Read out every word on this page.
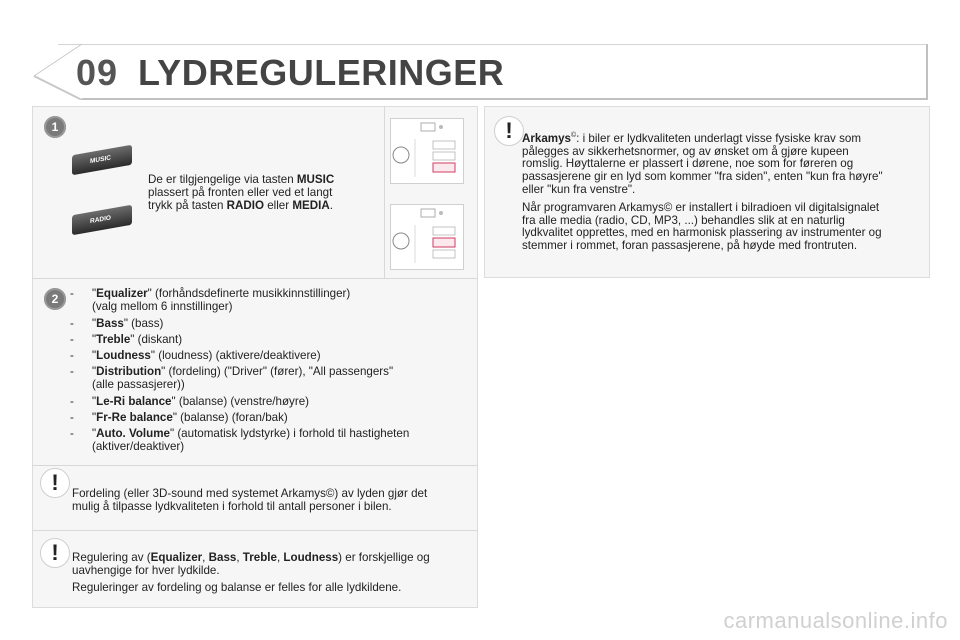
09 LYDREGULERINGER
1
MUSIC
RADIO
De er tilgjengelige via tasten MUSIC
plassert på fronten eller ved et langt
trykk på tasten RADIO eller MEDIA.
2	- "Equalizer" (forhåndsdefinerte musikkinnstillinger)
(valg mellom 6 innstillinger)
- "Bass" (bass)
- "Treble" (diskant)
- "Loudness" (loudness) (aktivere/deaktivere)
- "Distribution" (fordeling) ("Driver" (fører), "All passengers"
(alle passasjerer))
- "Le-Ri balance" (balanse) (venstre/høyre)
- "Fr-Re balance" (balanse) (foran/bak)
- "Auto. Volume" (automatisk lydstyrke) i forhold til hastigheten
(aktiver/deaktiver)
!	Fordeling (eller 3D-sound med systemet Arkamys©) av lyden gjør det
mulig å tilpasse lydkvaliteten i forhold til antall personer i bilen.
!	Regulering av (Equalizer, Bass, Treble, Loudness) er forskjellige og
uavhengige for hver lydkilde.
Reguleringer av fordeling og balanse er felles for alle lydkildene.
! Arkamys©: i biler er lydkvaliteten underlagt visse fysiske krav som
pålegges av sikkerhetsnormer, og av ønsket om å gjøre kupeen
romslig. Høyttalerne er plassert i dørene, noe som for føreren og
passasjerene gir en lyd som kommer "fra siden", enten "kun fra høyre"
eller "kun fra venstre".
Når programvaren Arkamys© er installert i bilradioen vil digitalsignalet
fra alle media (radio, CD, MP3, ...) behandles slik at en naturlig
lydkvalitet opprettes, med en harmonisk plassering av instrumenter og
stemmer i rommet, foran passasjerene, på høyde med frontruten.
carmanualsonline.info
